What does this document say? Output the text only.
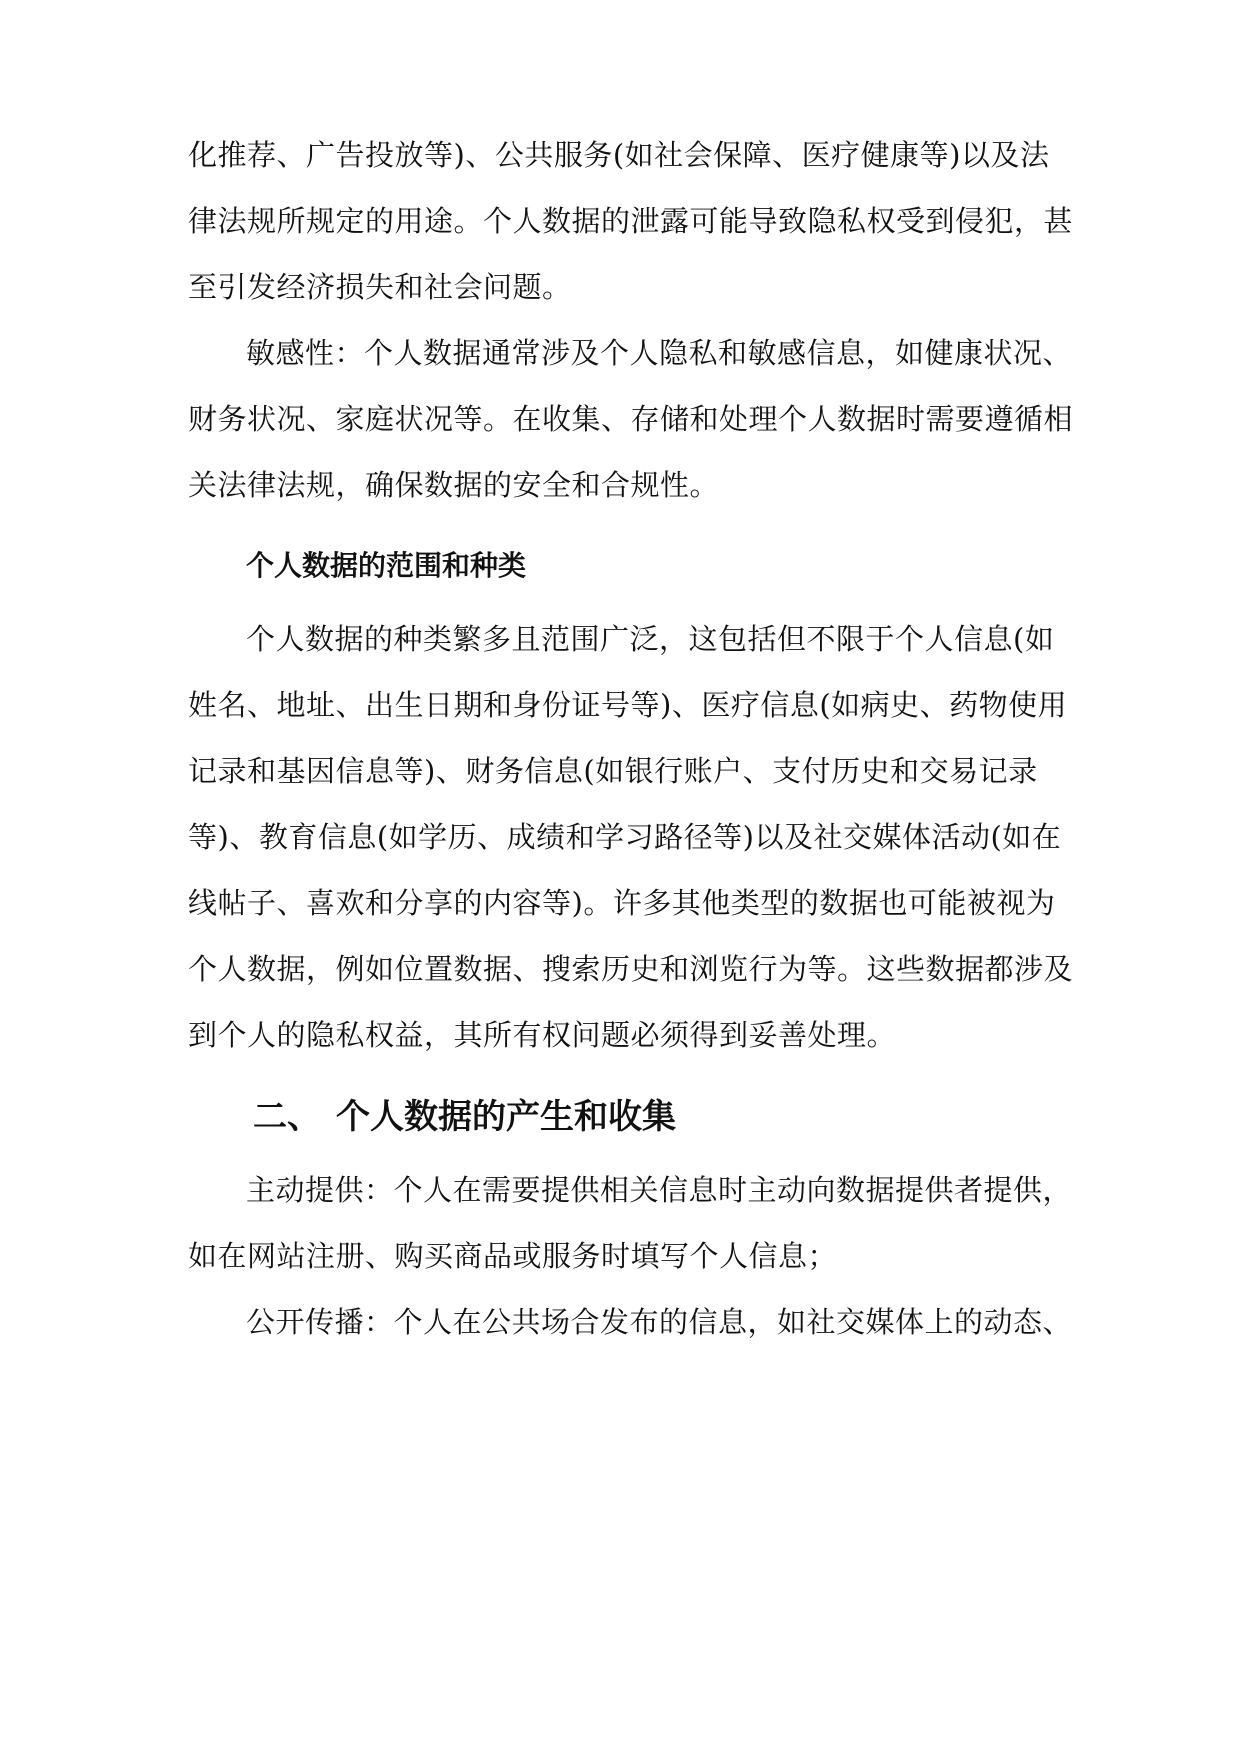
化推荐、广告投放等)、公共服务(如社会保障、医疗健康等)以及法
律法规所规定的用途。个人数据的泄露可能导致隐私权受到侵犯，甚
至引发经济损失和社会问题。
敏感性：个人数据通常涉及个人隐私和敏感信息，如健康状况、
财务状况、家庭状况等。在收集、存储和处理个人数据时需要遵循相
关法律法规，确保数据的安全和合规性。
个人数据的范围和种类
个人数据的种类繁多且范围广泛，这包括但不限于个人信息(如
姓名、地址、出生日期和身份证号等)、医疗信息(如病史、药物使用
记录和基因信息等)、财务信息(如银行账户、支付历史和交易记录
等)、教育信息(如学历、成绩和学习路径等)以及社交媒体活动(如在
线帖子、喜欢和分享的内容等)。许多其他类型的数据也可能被视为
个人数据，例如位置数据、搜索历史和浏览行为等。这些数据都涉及
到个人的隐私权益，其所有权问题必须得到妥善处理。
二、 个人数据的产生和收集
主动提供：个人在需要提供相关信息时主动向数据提供者提供，
如在网站注册、购买商品或服务时填写个人信息；
公开传播：个人在公共场合发布的信息，如社交媒体上的动态、
